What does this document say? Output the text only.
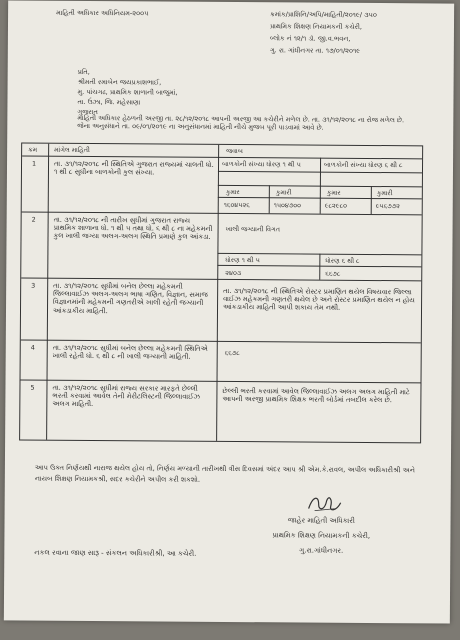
માહિતી અધિકાર અધિનિયમ-૨૦૦૫	ક્રમાંક/પ્રાશિનિ/અપિ/માહિતી/૨૦૧૯/ ૩૫૦
પ્રાથમિક શિક્ષણ નિયામકની કચેરી,
બ્લોક નં ૧૨/૧ ડૉ. જી.વ.ભવન,
ગુ. રા. ગાંધીનગર તા. ૧૭/૦૧/૨૦૧૯
પ્રતિ,
શ્રીમતી રમાબેન જયપ્રકાશભાઈ,
મુ. પાંચગઢ, પ્રાથમિક શાળાની બાજુમાં,
તા. ઉંઝા, જિ. મહેસાણા
ગુજરાત
માહિતી અધિકાર હેઠળની અરજી તા. ૨૮/૧૨/૨૦૧૮ આપની અરજી આ કચેરીને મળેલ છે. તા. ૩૧/૧૨/૨૦૧૮ ના રોજ મળેલ છે. જેના અનુસંધાને તા. ૦૯/૦૧/૨૦૧૯ ના અનુસંધાનમાં માહિતી નીચે મુજબ પૂરી પાડવામાં આવે છે.
ક્રમ	માંગેલ માહિતી	જવાબ
1	તા. ૩૧/૧૨/૨૦૧૮ ની સ્થિતિએ ગુજરાત રાજ્યમાં ચાલતી ધો. ૧ થી ૮ સુધીના બાળકોની કુલ સંખ્યા.
બાળકોની સંખ્યા ધોરણ ૧ થી ૫	બાળકોની સંખ્યા ધોરણ ૬ થી ૮
કુમાર	કુમારી	કુમાર	કુમારી
૧૬૦૪૫૨૬	૧૫૦૪૭૦૦	૯૮૨૯૮૦	૯૫૬૭૭૨
2	તા. ૩૧/૧૨/૨૦૧૮ ની તારીખ સુધીમાં ગુજરાત રાજ્ય પ્રાથમિક શાળાના ધો. ૧ થી ૫ તથા ધો. ૬ થી ૮ ના મહેકમની કુલ ખાલી જગ્યા અલગ-અલગ સ્થિતિ પ્રમાણે કુલ આંકડા.
ખાલી જગ્યાની વિગત
ધોરણ ૧ થી ૫	ધોરણ ૬ થી ૮
૨૪૦૩	૬૬૭૮
3	તા. ૩૧/૧૨/૨૦૧૮ સુધીમાં બનેલ છેલ્લા મહેકમની જિલ્લાવાઈઝ અલગ-અલગ ભાષા ગણિત, વિજ્ઞાન, સમાજ વિજ્ઞાનમાંની મહેકમની ગણતરીએ ખાલી રહેતી જગ્યાની આંકડાકીય માહિતી.
તા. ૩૧/૧૨/૨૦૧૮ ની સ્થિતિએ રોસ્ટર પ્રમાણિત થયેલ વિષયવાર જિલ્લા વાઈઝ મહેકમની ગણતરી થયેલ છે અને રોસ્ટર પ્રમાણિત થયેલ ન હોય આંકડાકીય માહિતી આપી શકાય તેમ નથી.
4	તા. ૩૧/૧૨/૨૦૧૮ સુધીમાં બનેલ છેલ્લા મહેકમની સ્થિતિએ ખાલી રહેતી ધો. ૬ થી ૮ ની ખાલી જગ્યાની માહિતી.	૬૬૭૮
5	તા. ૩૧/૧૨/૨૦૧૮ સુધીમાં રાજ્ય સરકાર મારફતે છેલ્લી ભરતી કરવામાં આવેલ તેની મેરીટલિસ્ટની જિલ્લાવાઈઝ અલગ માહિતી.
છેલ્લી ભરતી કરવામાં આવેલ જિલ્લાવાઈઝ અલગ અલગ માહિતી માટે આપની અરજી પ્રાથમિક શિક્ષક ભરતી બોર્ડમાં તબદીલ કરેલ છે.
આપ ઉક્ત નિર્ણયથી નારાજ થયેલ હોય તો, નિર્ણય મળ્યાની તારીખથી ત્રીસ દિવસમાં અંદર આપ શ્રી એમ.કે.રાવલ, અપીલ અધિકારીશ્રી અને નાયબ શિક્ષણ નિયામકશ્રી, સદર કચેરીને અપીલ કરી શકશો.
જાહેર માહિતી અધિકારી
પ્રાથમિક શિક્ષણ નિયામકની કચેરી,
ગુ.રા.ગાંધીનગર.
નકલ રવાના જાણ સારૂ - સંકલન અધિકારીશ્રી, આ કચેરી.
